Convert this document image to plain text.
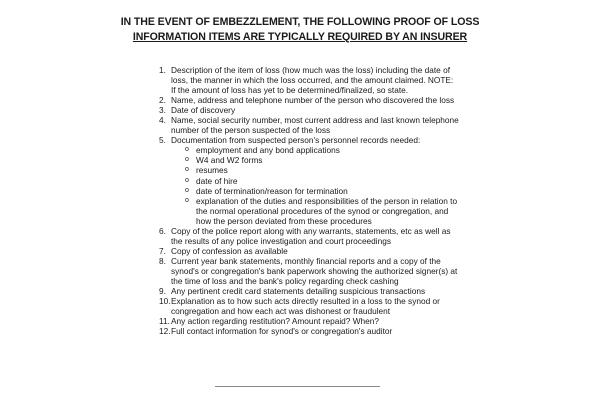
IN THE EVENT OF EMBEZZLEMENT, THE FOLLOWING PROOF OF LOSS
INFORMATION ITEMS ARE TYPICALLY REQUIRED BY AN INSURER
1. Description of the item of loss (how much was the loss) including the date of loss, the manner in which the loss occurred, and the amount claimed. NOTE: If the amount of loss has yet to be determined/finalized, so state.
2. Name, address and telephone number of the person who discovered the loss
3. Date of discovery
4. Name, social security number, most current address and last known telephone number of the person suspected of the loss
5. Documentation from suspected person's personnel records needed:
o employment and any bond applications
o W4 and W2 forms
o resumes
o date of hire
o date of termination/reason for termination
o explanation of the duties and responsibilities of the person in relation to the normal operational procedures of the synod or congregation, and how the person deviated from these procedures
6. Copy of the police report along with any warrants, statements, etc as well as the results of any police investigation and court proceedings
7. Copy of confession as available
8. Current year bank statements, monthly financial reports and a copy of the synod's or congregation's bank paperwork showing the authorized signer(s) at the time of loss and the bank's policy regarding check cashing
9. Any pertinent credit card statements detailing suspicious transactions
10. Explanation as to how such acts directly resulted in a loss to the synod or congregation and how each act was dishonest or fraudulent
11. Any action regarding restitution? Amount repaid? When?
12. Full contact information for synod's or congregation's auditor
